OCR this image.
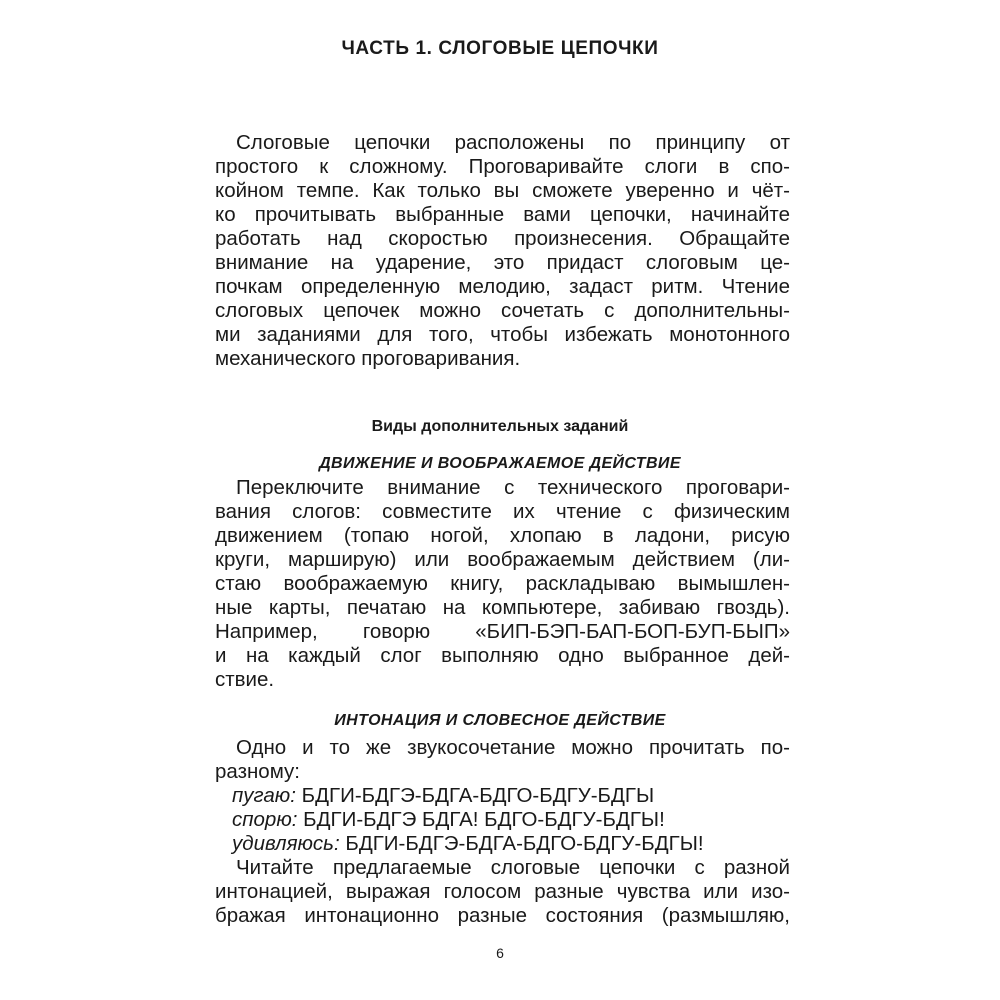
ЧАСТЬ 1. СЛОГОВЫЕ ЦЕПОЧКИ
Слоговые цепочки расположены по принципу от
простого к сложному. Проговаривайте слоги в спо-
койном темпе. Как только вы сможете уверенно и чёт-
ко прочитывать выбранные вами цепочки, начинайте
работать над скоростью произнесения. Обращайте
внимание на ударение, это придаст слоговым це-
почкам определенную мелодию, задаст ритм. Чтение
слоговых цепочек можно сочетать с дополнительны-
ми заданиями для того, чтобы избежать монотонного
механического проговаривания.
Виды дополнительных заданий
ДВИЖЕНИЕ И ВООБРАЖАЕМОЕ ДЕЙСТВИЕ
Переключите внимание с технического проговари-
вания слогов: совместите их чтение с физическим
движением (топаю ногой, хлопаю в ладони, рисую
круги, марширую) или воображаемым действием (ли-
стаю воображаемую книгу, раскладываю вымышлен-
ные карты, печатаю на компьютере, забиваю гвоздь).
Например, говорю «БИП-БЭП-БАП-БОП-БУП-БЫП»
и на каждый слог выполняю одно выбранное дей-
ствие.
ИНТОНАЦИЯ И СЛОВЕСНОЕ ДЕЙСТВИЕ
Одно и то же звукосочетание можно прочитать по-
разному:
пугаю: БДГИ-БДГЭ-БДГА-БДГО-БДГУ-БДГЫ
спорю: БДГИ-БДГЭ БДГА! БДГО-БДГУ-БДГЫ!
удивляюсь: БДГИ-БДГЭ-БДГА-БДГО-БДГУ-БДГЫ!
Читайте предлагаемые слоговые цепочки с разной
интонацией, выражая голосом разные чувства или изо-
бражая интонационно разные состояния (размышляю,
6
